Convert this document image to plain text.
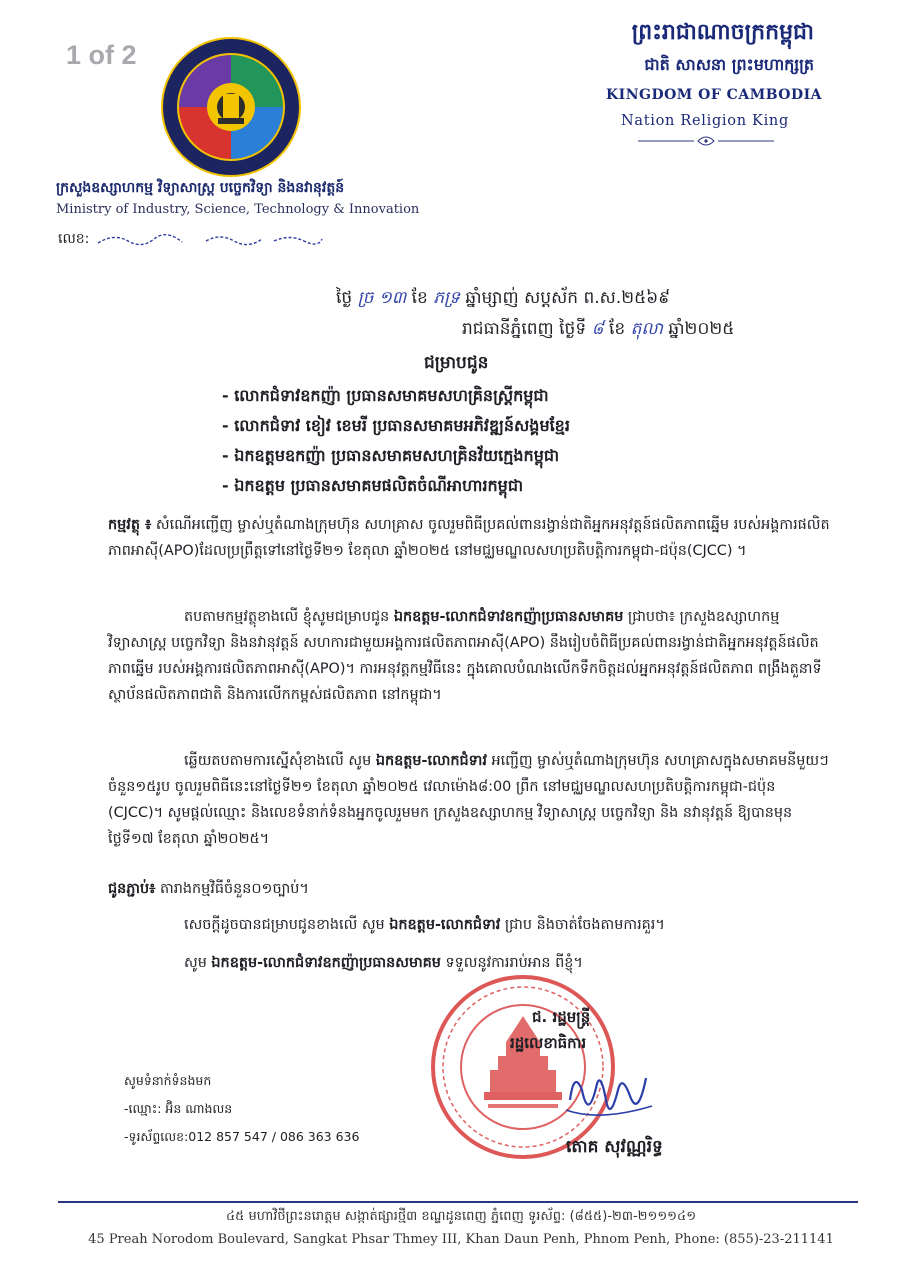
1 of 2
ក្រសួងឧស្សាហកម្ម វិទ្យាសាស្ត្រ បច្ចេកវិទ្យា និងនវានុវត្តន៍
Ministry of Industry, Science, Technology & Innovation
លេខ:
ព្រះរាជាណាចក្រកម្ពុជា
ជាតិ សាសនា ព្រះមហាក្សត្រ
KINGDOM OF CAMBODIA
Nation Religion King
ថ្ងៃ ច្រ ១៣ ខែ ភទ្រ ឆ្នាំម្សាញ់ សប្តស័ក ព.ស.២៥៦៩
រាជធានីភ្នំពេញ ថ្ងៃទី ៨ ខែ តុលា ឆ្នាំ២០២៥
ជម្រាបជូន
- លោកជំទាវឧកញ៉ា ប្រធានសមាគមសហគ្រិនស្ត្រីកម្ពុជា
- លោកជំទាវ ខៀវ ខេមរី ប្រធានសមាគមអភិវឌ្ឍន៍សង្គមខ្មែរ
- ឯកឧត្តមឧកញ៉ា ប្រធានសមាគមសហគ្រិនវ័យក្មេងកម្ពុជា
- ឯកឧត្តម ប្រធានសមាគមផលិតចំណីអាហារកម្ពុជា
កម្មវត្ថុ ៖ សំណើអញ្ជើញ ម្ចាស់ឬតំណាងក្រុមហ៊ុន សហគ្រាស ចូលរួមពិធីប្រគល់ពានរង្វាន់ជាតិអ្នកអនុវត្តន៍ផលិតភាពឆ្នើម របស់អង្គការផលិតភាពអាស៊ី(APO)ដែលប្រព្រឹត្តទៅនៅថ្ងៃទី២១ ខែតុលា ឆ្នាំ២០២៥ នៅមជ្ឈមណ្ឌលសហប្រតិបត្តិការកម្ពុជា-ជប៉ុន(CJCC) ។
តបតាមកម្មវត្ថុខាងលើ ខ្ញុំសូមជម្រាបជូន ឯកឧត្តម-លោកជំទាវឧកញ៉ាប្រធានសមាគម ជ្រាបថា៖ ក្រសួងឧស្សាហកម្ម វិទ្យាសាស្ត្រ បច្ចេកវិទ្យា និងនវានុវត្តន៍ សហការជាមួយអង្គការផលិតភាពអាស៊ី(APO) នឹងរៀបចំពិធីប្រគល់ពានរង្វាន់ជាតិអ្នកអនុវត្តន៍ផលិតភាពឆ្នើម របស់អង្គការផលិតភាពអាស៊ី(APO)។ ការអនុវត្តកម្មវិធីនេះ ក្នុងគោលបំណងលើកទឹកចិត្តដល់អ្នកអនុវត្តន៍ផលិតភាព ពង្រឹងតួនាទីស្ថាប័នផលិតភាពជាតិ និងការលើកកម្ពស់ផលិតភាព នៅកម្ពុជា។
ឆ្លើយតបតាមការស្នើសុំខាងលើ សូម ឯកឧត្តម-លោកជំទាវ អញ្ជើញ ម្ចាស់ឬតំណាងក្រុមហ៊ុន សហគ្រាសក្នុងសមាគមនីមួយៗចំនួន១៥រូប ចូលរួមពិធីនេះនៅថ្ងៃទី២១ ខែតុលា ឆ្នាំ២០២៥ វេលាម៉ោង៨:00 ព្រឹក នៅមជ្ឈមណ្ឌលសហប្រតិបត្តិការកម្ពុជា-ជប៉ុន (CJCC)។ សូមផ្តល់ឈ្មោះ និងលេខទំនាក់ទំនងអ្នកចូលរួមមក ក្រសួងឧស្សាហកម្ម វិទ្យាសាស្ត្រ បច្ចេកវិទ្យា និង នវានុវត្តន៍ ឱ្យបានមុនថ្ងៃទី១៧ ខែតុលា ឆ្នាំ២០២៥។
ជូនភ្ជាប់៖ តារាងកម្មវិធីចំនួន០១ច្បាប់។
សេចក្តីដូចបានជម្រាបជូនខាងលើ សូម ឯកឧត្តម-លោកជំទាវ ជ្រាប និងចាត់ចែងតាមការគួរ។
សូម ឯកឧត្តម-លោកជំទាវឧកញ៉ាប្រធានសមាគម ទទួលនូវការរាប់អាន ពីខ្ញុំ។
ជ. រដ្ឋមន្ត្រី
រដ្ឋលេខាធិការ
តោគ សុវណ្ណរិទ្ធ
សូមទំនាក់ទំនងមក
-ឈ្មោះ: អ៊ិន ណាងលន
-ទូរស័ព្ទលេខ:012 857 547 / 086 363 636
៤៥ មហាវិថីព្រះនរោត្តម សង្កាត់ផ្សារថ្មី៣ ខណ្ឌដូនពេញ ភ្នំពេញ ទូរស័ព្ទ: (៨៥៥)-២៣-២១១១៤១
45 Preah Norodom Boulevard, Sangkat Phsar Thmey III, Khan Daun Penh, Phnom Penh, Phone: (855)-23-211141
